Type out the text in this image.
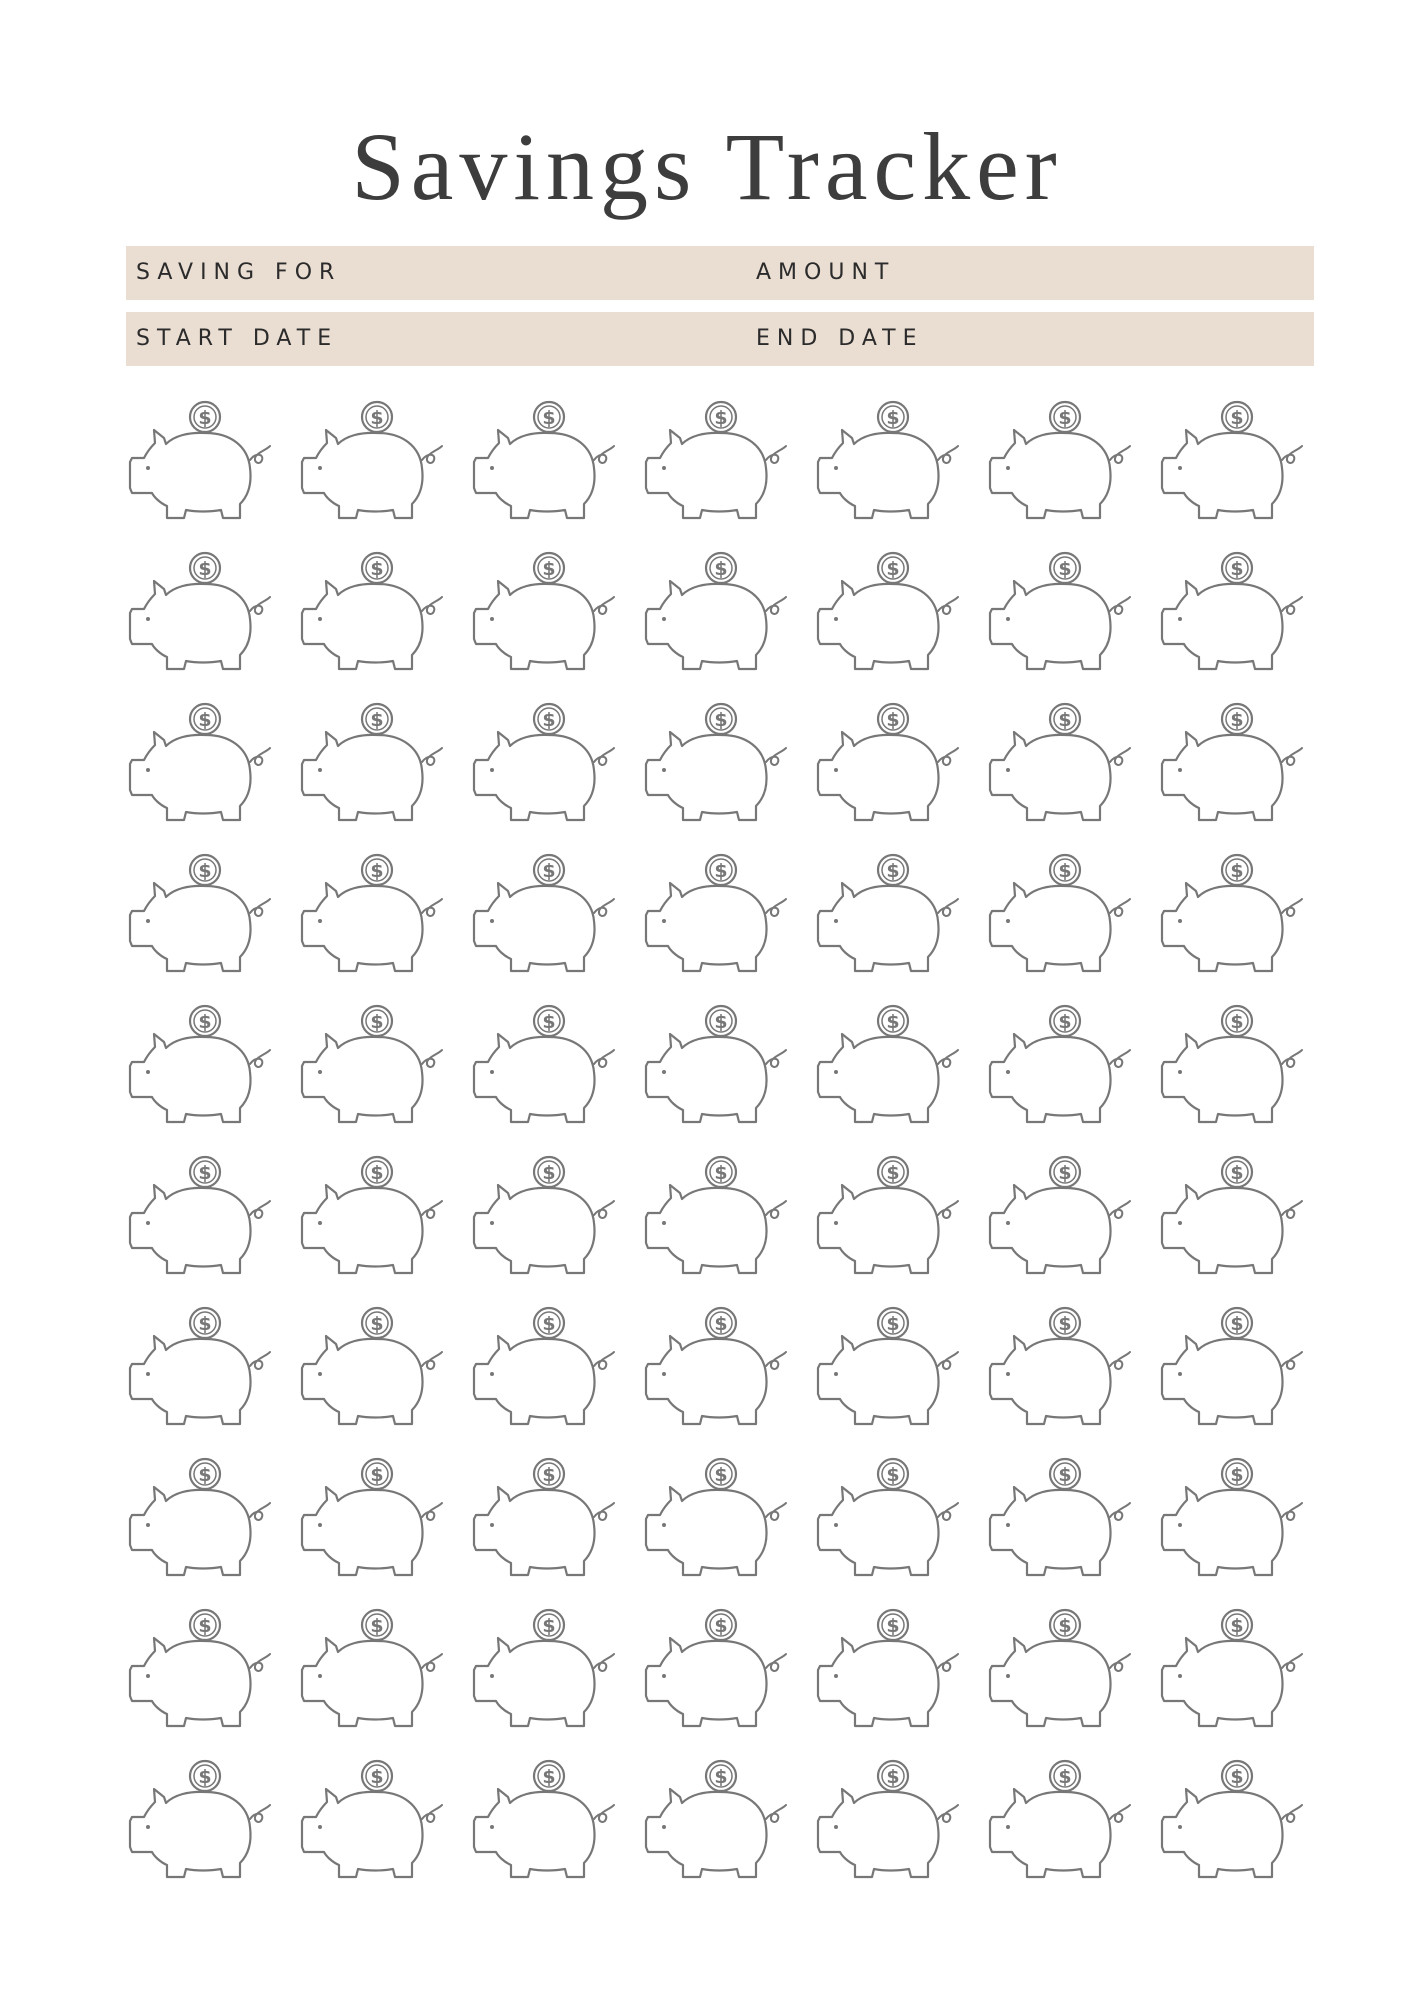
Savings Tracker
SAVING FOR	AMOUNT
START DATE	END DATE
$	$	$	$	$	$	$
$	$	$	$	$	$	$
$	$	$	$	$	$	$
$	$	$	$	$	$	$
$	$	$	$	$	$	$
$	$	$	$	$	$	$
$	$	$	$	$	$	$
$	$	$	$	$	$	$
$	$	$	$	$	$	$
$	$	$	$	$	$	$
